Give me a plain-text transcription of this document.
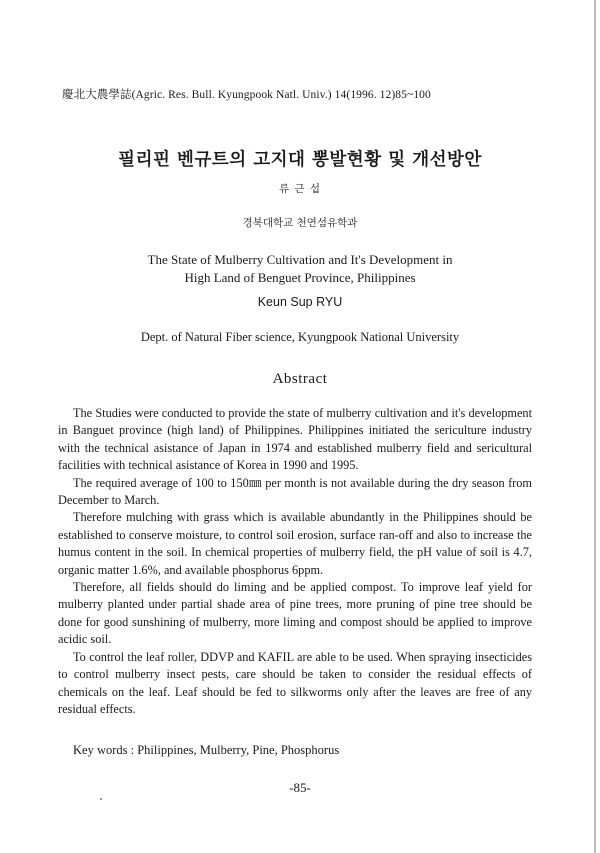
慶北大農學誌(Agric. Res. Bull. Kyungpook Natl. Univ.) 14(1996. 12)85~100
필리핀 벤규트의 고지대 뽕발현황 및 개선방안
류 근 섭
경북대학교 천연섬유학과
The State of Mulberry Cultivation and It's Development in
High Land of Benguet Province, Philippines
Keun Sup RYU
Dept. of Natural Fiber science, Kyungpook National University
Abstract

The Studies were conducted to provide the state of mulberry cultivation and it's development in Banguet province (high land) of Philippines. Philippines initiated the sericulture industry with the technical asistance of Japan in 1974 and established mulberry field and sericultural facilities with technical asistance of Korea in 1990 and 1995.

The required average of 100 to 150㎜ per month is not available during the dry season from December to March.

Therefore mulching with grass which is available abundantly in the Philippines should be established to conserve moisture, to control soil erosion, surface ran-off and also to increase the humus content in the soil. In chemical properties of mulberry field, the pH value of soil is 4.7, organic matter 1.6%, and available phosphorus 6ppm.

Therefore, all fields should do liming and be applied compost. To improve leaf yield for mulberry planted under partial shade area of pine trees, more pruning of pine tree should be done for good sunshining of mulberry, more liming and compost should be applied to improve acidic soil.

To control the leaf roller, DDVP and KAFIL are able to be used. When spraying insecticides to control mulberry insect pests, care should be taken to consider the residual effects of chemicals on the leaf. Leaf should be fed to silkworms only after the leaves are free of any residual effects.

Key words : Philippines, Mulberry, Pine, Phosphorus
-85-
